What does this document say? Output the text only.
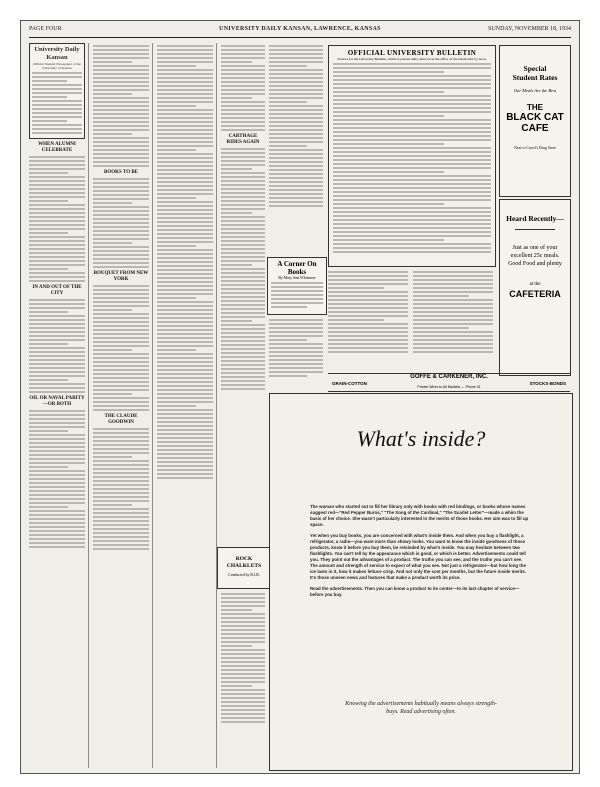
PAGE FOUR	UNIVERSITY DAILY KANSAN, LAWRENCE, KANSAS	SUNDAY, NOVEMBER 18, 1934
University Daily Kansan
Official Student Newspaper of the University of Kansas
WHEN ALUMNI CELEBRATE
IN AND OUT OF THE CITY
OIL OR NAVAL PARITY—OR BOTH
BOOKS TO BE
BOUQUET FROM NEW YORK
THE CLAUDE GOODWIN
CARTHAGE RIDES AGAIN
A Corner On Books
By Mary Ann Whitmore
OFFICIAL UNIVERSITY BULLETIN
Notices for the University Bulletin, which is printed daily, must be in the office of the Chancellor by noon.
Special
Student Rates
Our Meals Are the Best
THE
BLACK CAT
CAFE
Next to Crowl's Drug Store
Heard Recently—
Just as one of your
excellent 25c meals.
Good Food and plenty
at the
CAFETERIA
GOFFE & CARKENER, INC.
GRAIN-COTTON	STOCKS-BONDS
Private Wires to All Markets — Phone 91
ROCK CHALKLETS
Conducted by R.J.B.
What's inside?

The woman who started out to fill her library only with books with red bindings, or books whose names suggest red—"Red Pepper Burns," "The Song of the Cardinal," "The Scarlet Letter"—made a whim the basis of her choice. She wasn't particularly interested in the merits of those books. Her aim was to fill up space.

Yet when you buy books, you are concerned with what's inside them. And when you buy a flashlight, a refrigerator, a radio—you want more than showy looks. You want to know the inside goodness of those products, know it before you buy them, be reminded by what's inside. You may hesitate between two flashlights. You can't tell by the appearance which is good, or which is better. Advertisements could tell you. They point out the advantages of a product. The truths you can see, and the truths you can't see. The amount and strength of service to expect of what you see. Not just a refrigerator—but how long the ice lasts in it, how it makes lettuce crisp. And not only the cost per months, but the future inside merits. It's those unseen news and features that make a product worth its price.

Read the advertisements. Then you can know a product to its center—to its last chapter of service—before you buy.

Knowing the advertisements habitually means always strength-buys. Read advertising often.
